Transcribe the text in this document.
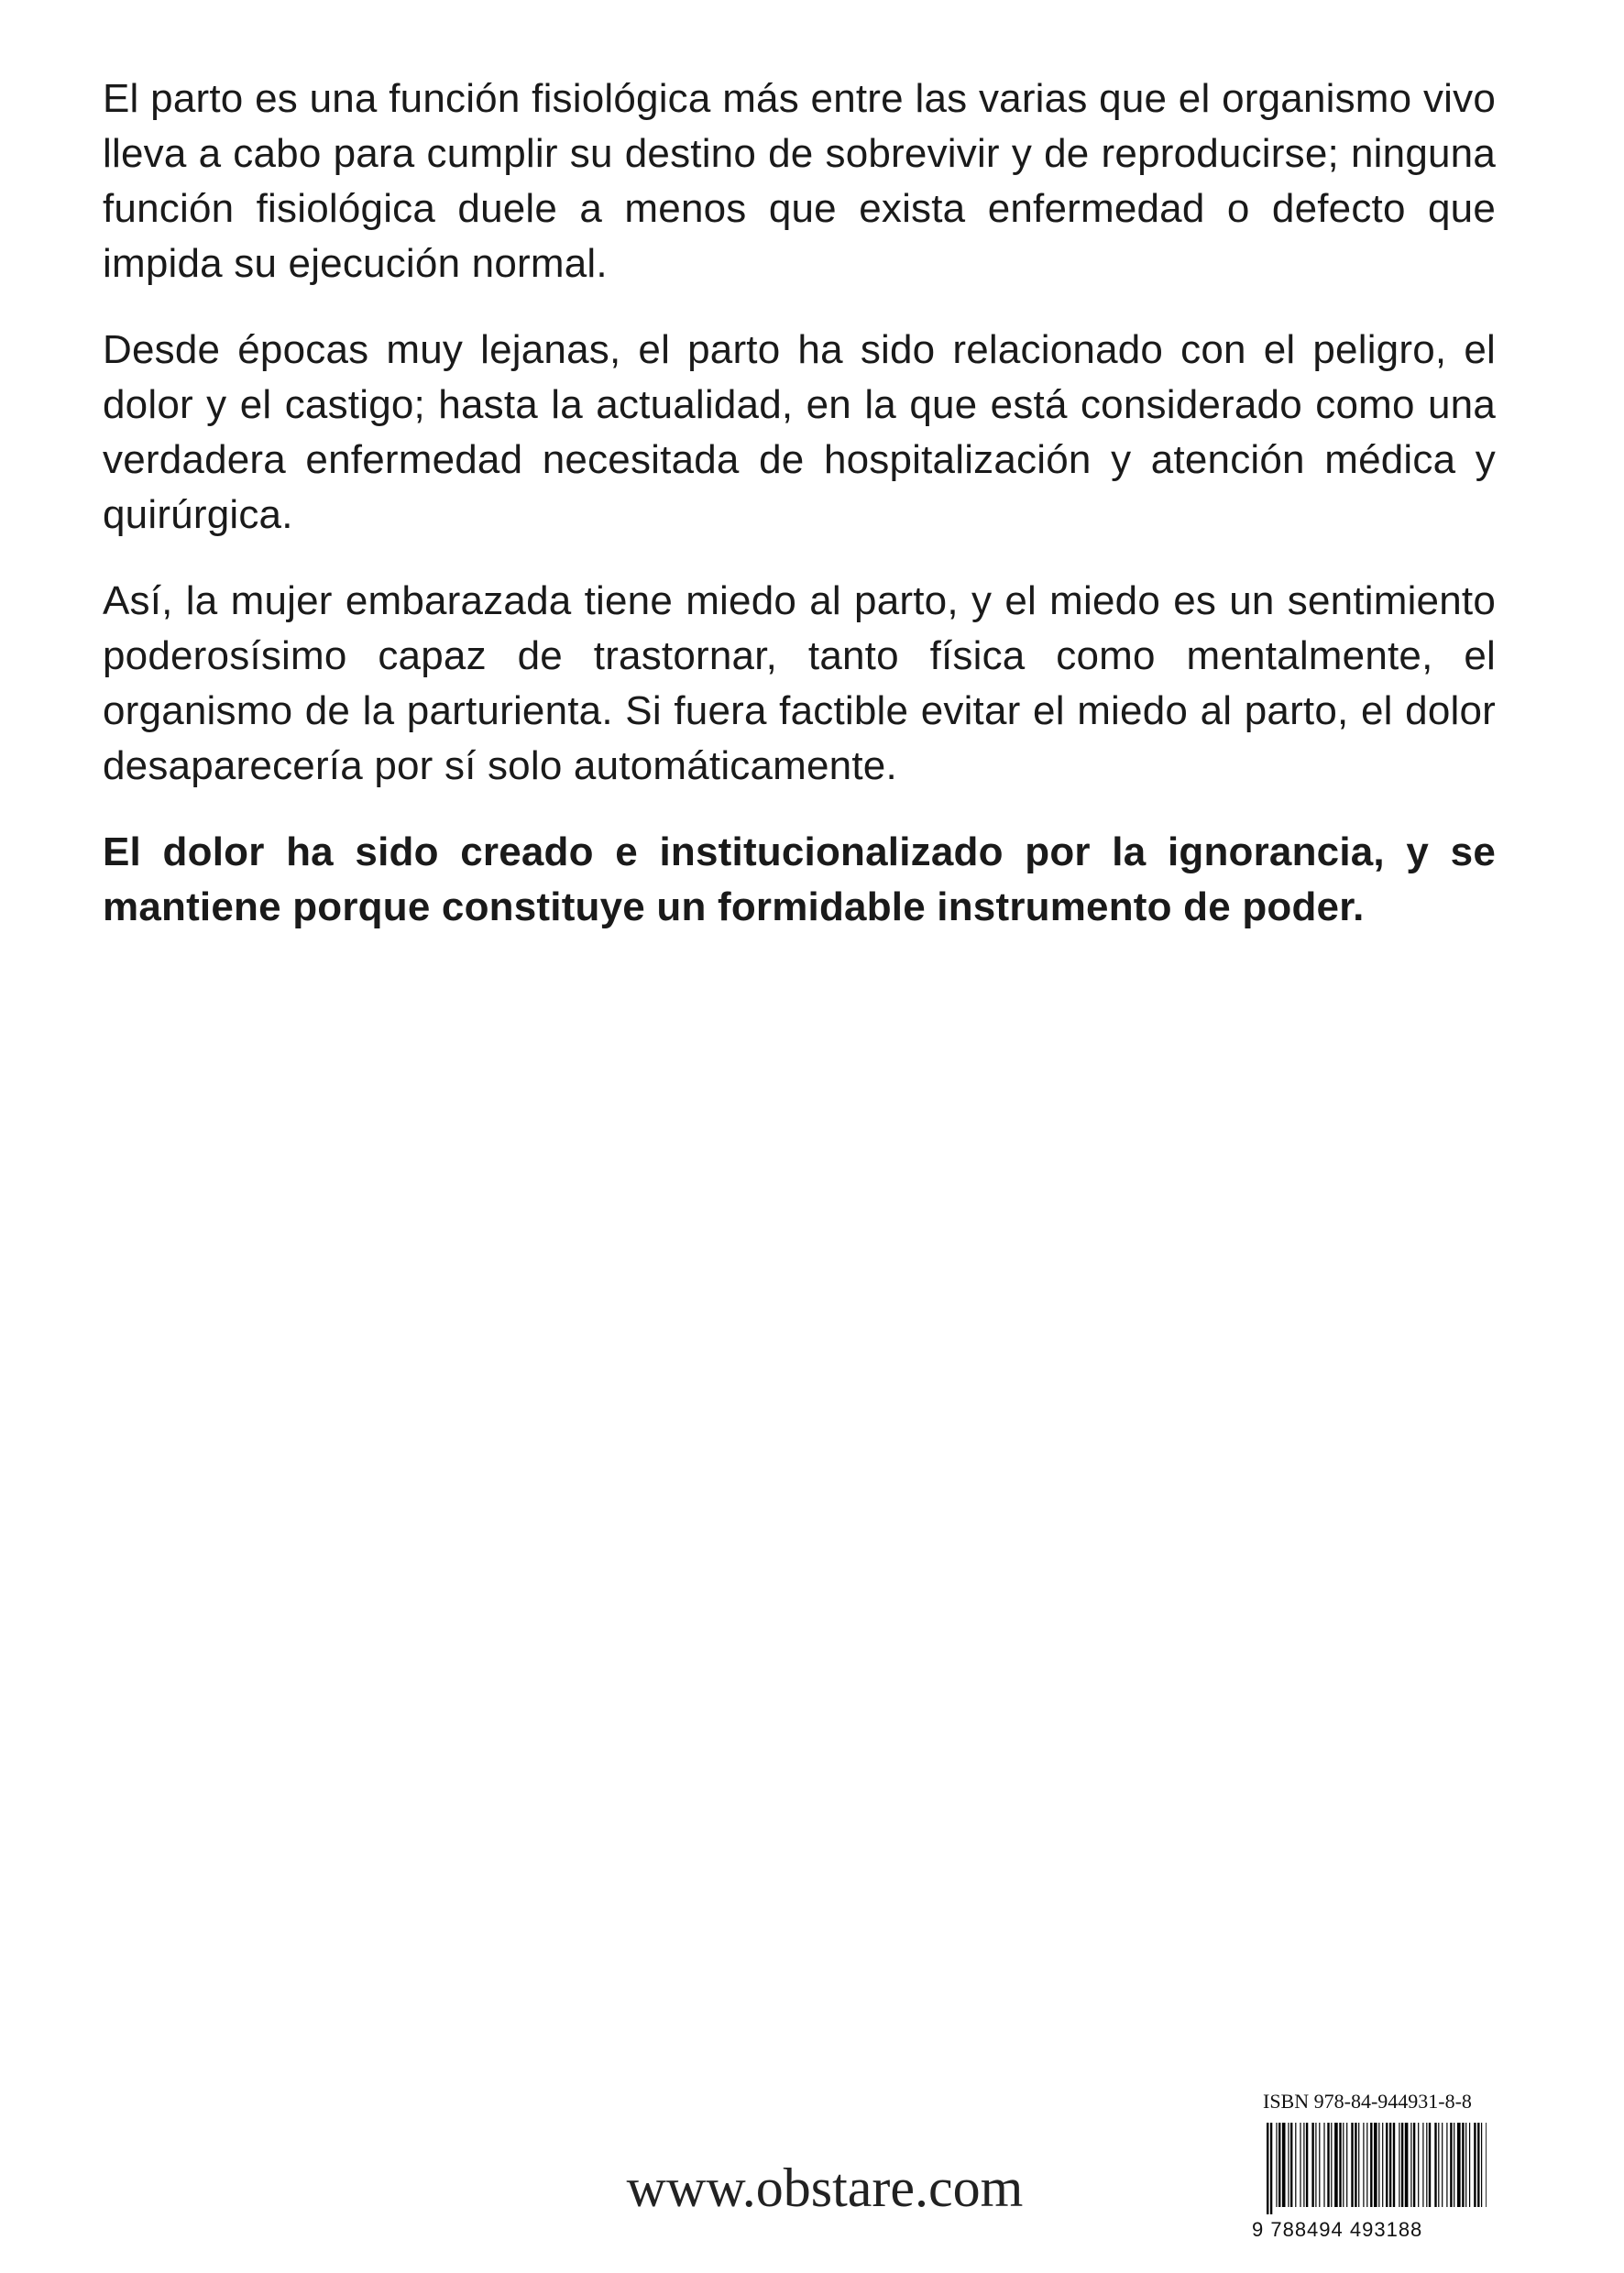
El parto es una función fisiológica más entre las varias que el organismo vivo lleva a cabo para cumplir su destino de sobrevivir y de reproducirse; ninguna función fisiológica duele a menos que exista enfermedad o defecto que impida su ejecución normal.

Desde épocas muy lejanas, el parto ha sido relacionado con el peligro, el dolor y el castigo; hasta la actualidad, en la que está considerado como una verdadera enfermedad necesitada de hospitalización y atención médica y quirúrgica.

Así, la mujer embarazada tiene miedo al parto, y el miedo es un sentimiento poderosísimo capaz de trastornar, tanto física como mentalmente, el organismo de la parturienta. Si fuera factible evitar el miedo al parto, el dolor desaparecería por sí solo automáticamente.

El dolor ha sido creado e institucionalizado por la ignorancia, y se mantiene porque constituye un formidable instrumento de poder.

www.obstare.com
ISBN 978-84-944931-8-8
9 788494 493188
